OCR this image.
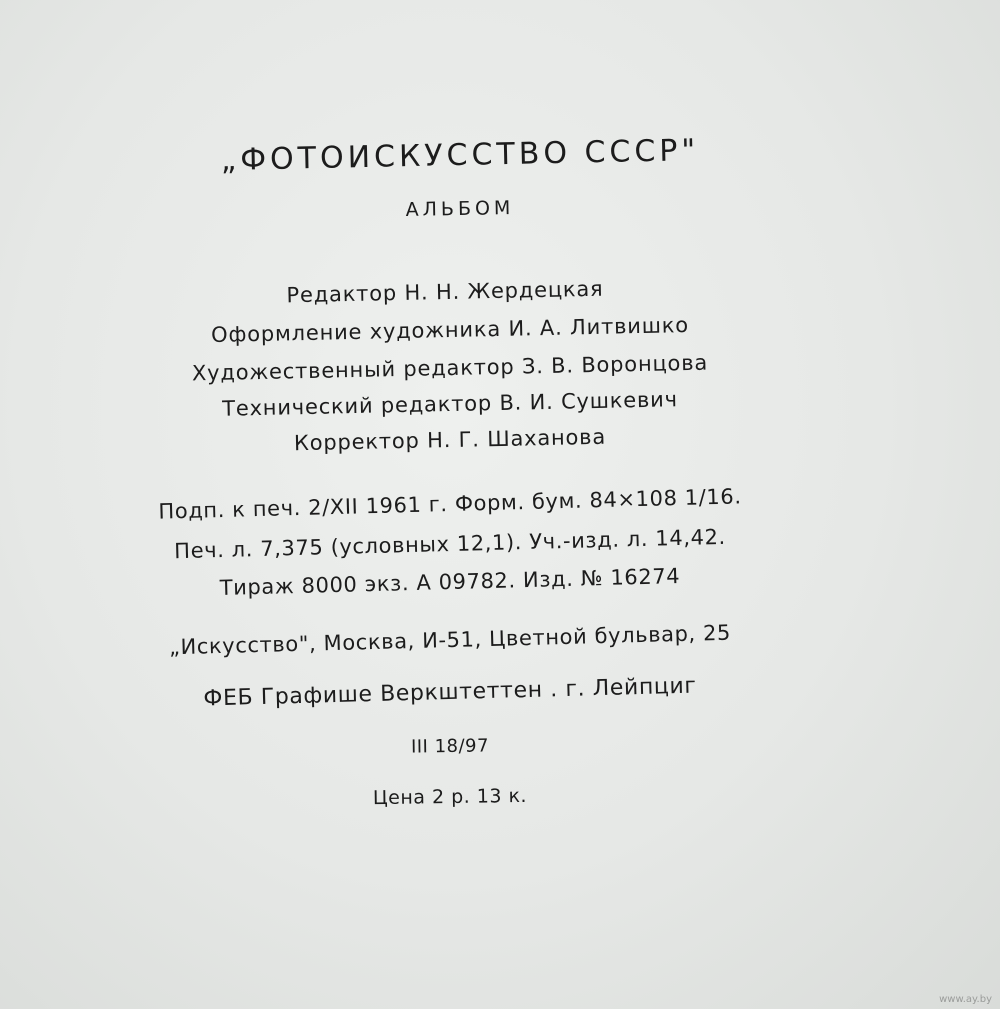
„ФОТОИСКУССТВО СССР"
АЛЬБОМ
Редактор Н. Н. Жердецкая
Оформление художника И. А. Литвишко
Художественный редактор З. В. Воронцова
Технический редактор В. И. Сушкевич
Корректор Н. Г. Шаханова
Подп. к печ. 2/XII 1961 г. Форм. бум. 84×108 1/16.
Печ. л. 7,375 (условных 12,1). Уч.-изд. л. 14,42.
Тираж 8000 экз. А 09782. Изд. № 16274
„Искусство", Москва, И-51, Цветной бульвар, 25
ФЕБ Графише Веркштеттен . г. Лейпциг
III 18/97
Цена 2 р. 13 к.
www.ay.by
